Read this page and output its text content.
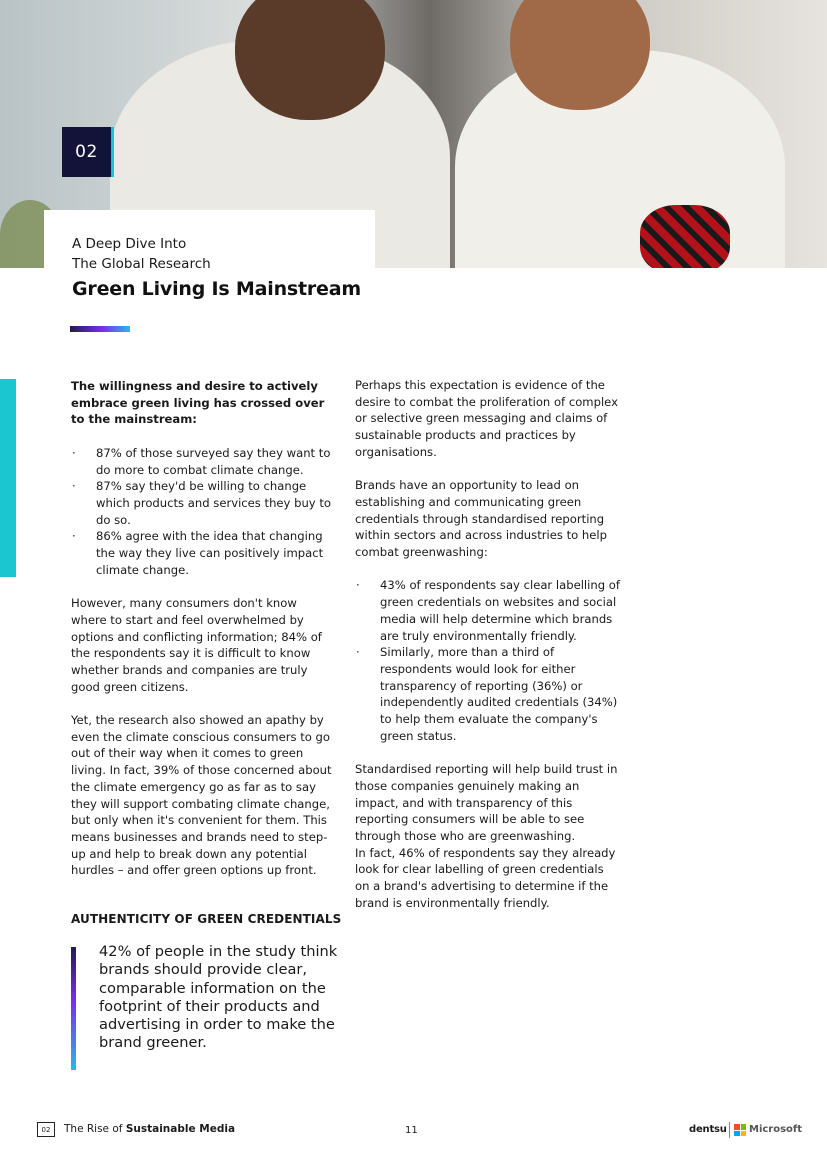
02
A Deep Dive Into
The Global Research
Green Living Is Mainstream

The willingness and desire to actively embrace green living has crossed over to the mainstream:

· 87% of those surveyed say they want to do more to combat climate change.
· 87% say they'd be willing to change which products and services they buy to do so.
· 86% agree with the idea that changing the way they live can positively impact climate change.

However, many consumers don't know where to start and feel overwhelmed by options and conflicting information; 84% of the respondents say it is difficult to know whether brands and companies are truly good green citizens.

Yet, the research also showed an apathy by even the climate conscious consumers to go out of their way when it comes to green living. In fact, 39% of those concerned about the climate emergency go as far as to say they will support combating climate change, but only when it's convenient for them. This means businesses and brands need to step-up and help to break down any potential hurdles – and offer green options up front.

AUTHENTICITY OF GREEN CREDENTIALS
42% of people in the study think brands should provide clear, comparable information on the footprint of their products and advertising in order to make the brand greener.

Perhaps this expectation is evidence of the desire to combat the proliferation of complex or selective green messaging and claims of sustainable products and practices by organisations.

Brands have an opportunity to lead on establishing and communicating green credentials through standardised reporting within sectors and across industries to help combat greenwashing:

· 43% of respondents say clear labelling of green credentials on websites and social media will help determine which brands are truly environmentally friendly.
· Similarly, more than a third of respondents would look for either transparency of reporting (36%) or independently audited credentials (34%) to help them evaluate the company's green status.

Standardised reporting will help build trust in those companies genuinely making an impact, and with transparency of this reporting consumers will be able to see through those who are greenwashing.

In fact, 46% of respondents say they already look for clear labelling of green credentials on a brand's advertising to determine if the brand is environmentally friendly.

02	The Rise of Sustainable Media	11	dentsu Microsoft
